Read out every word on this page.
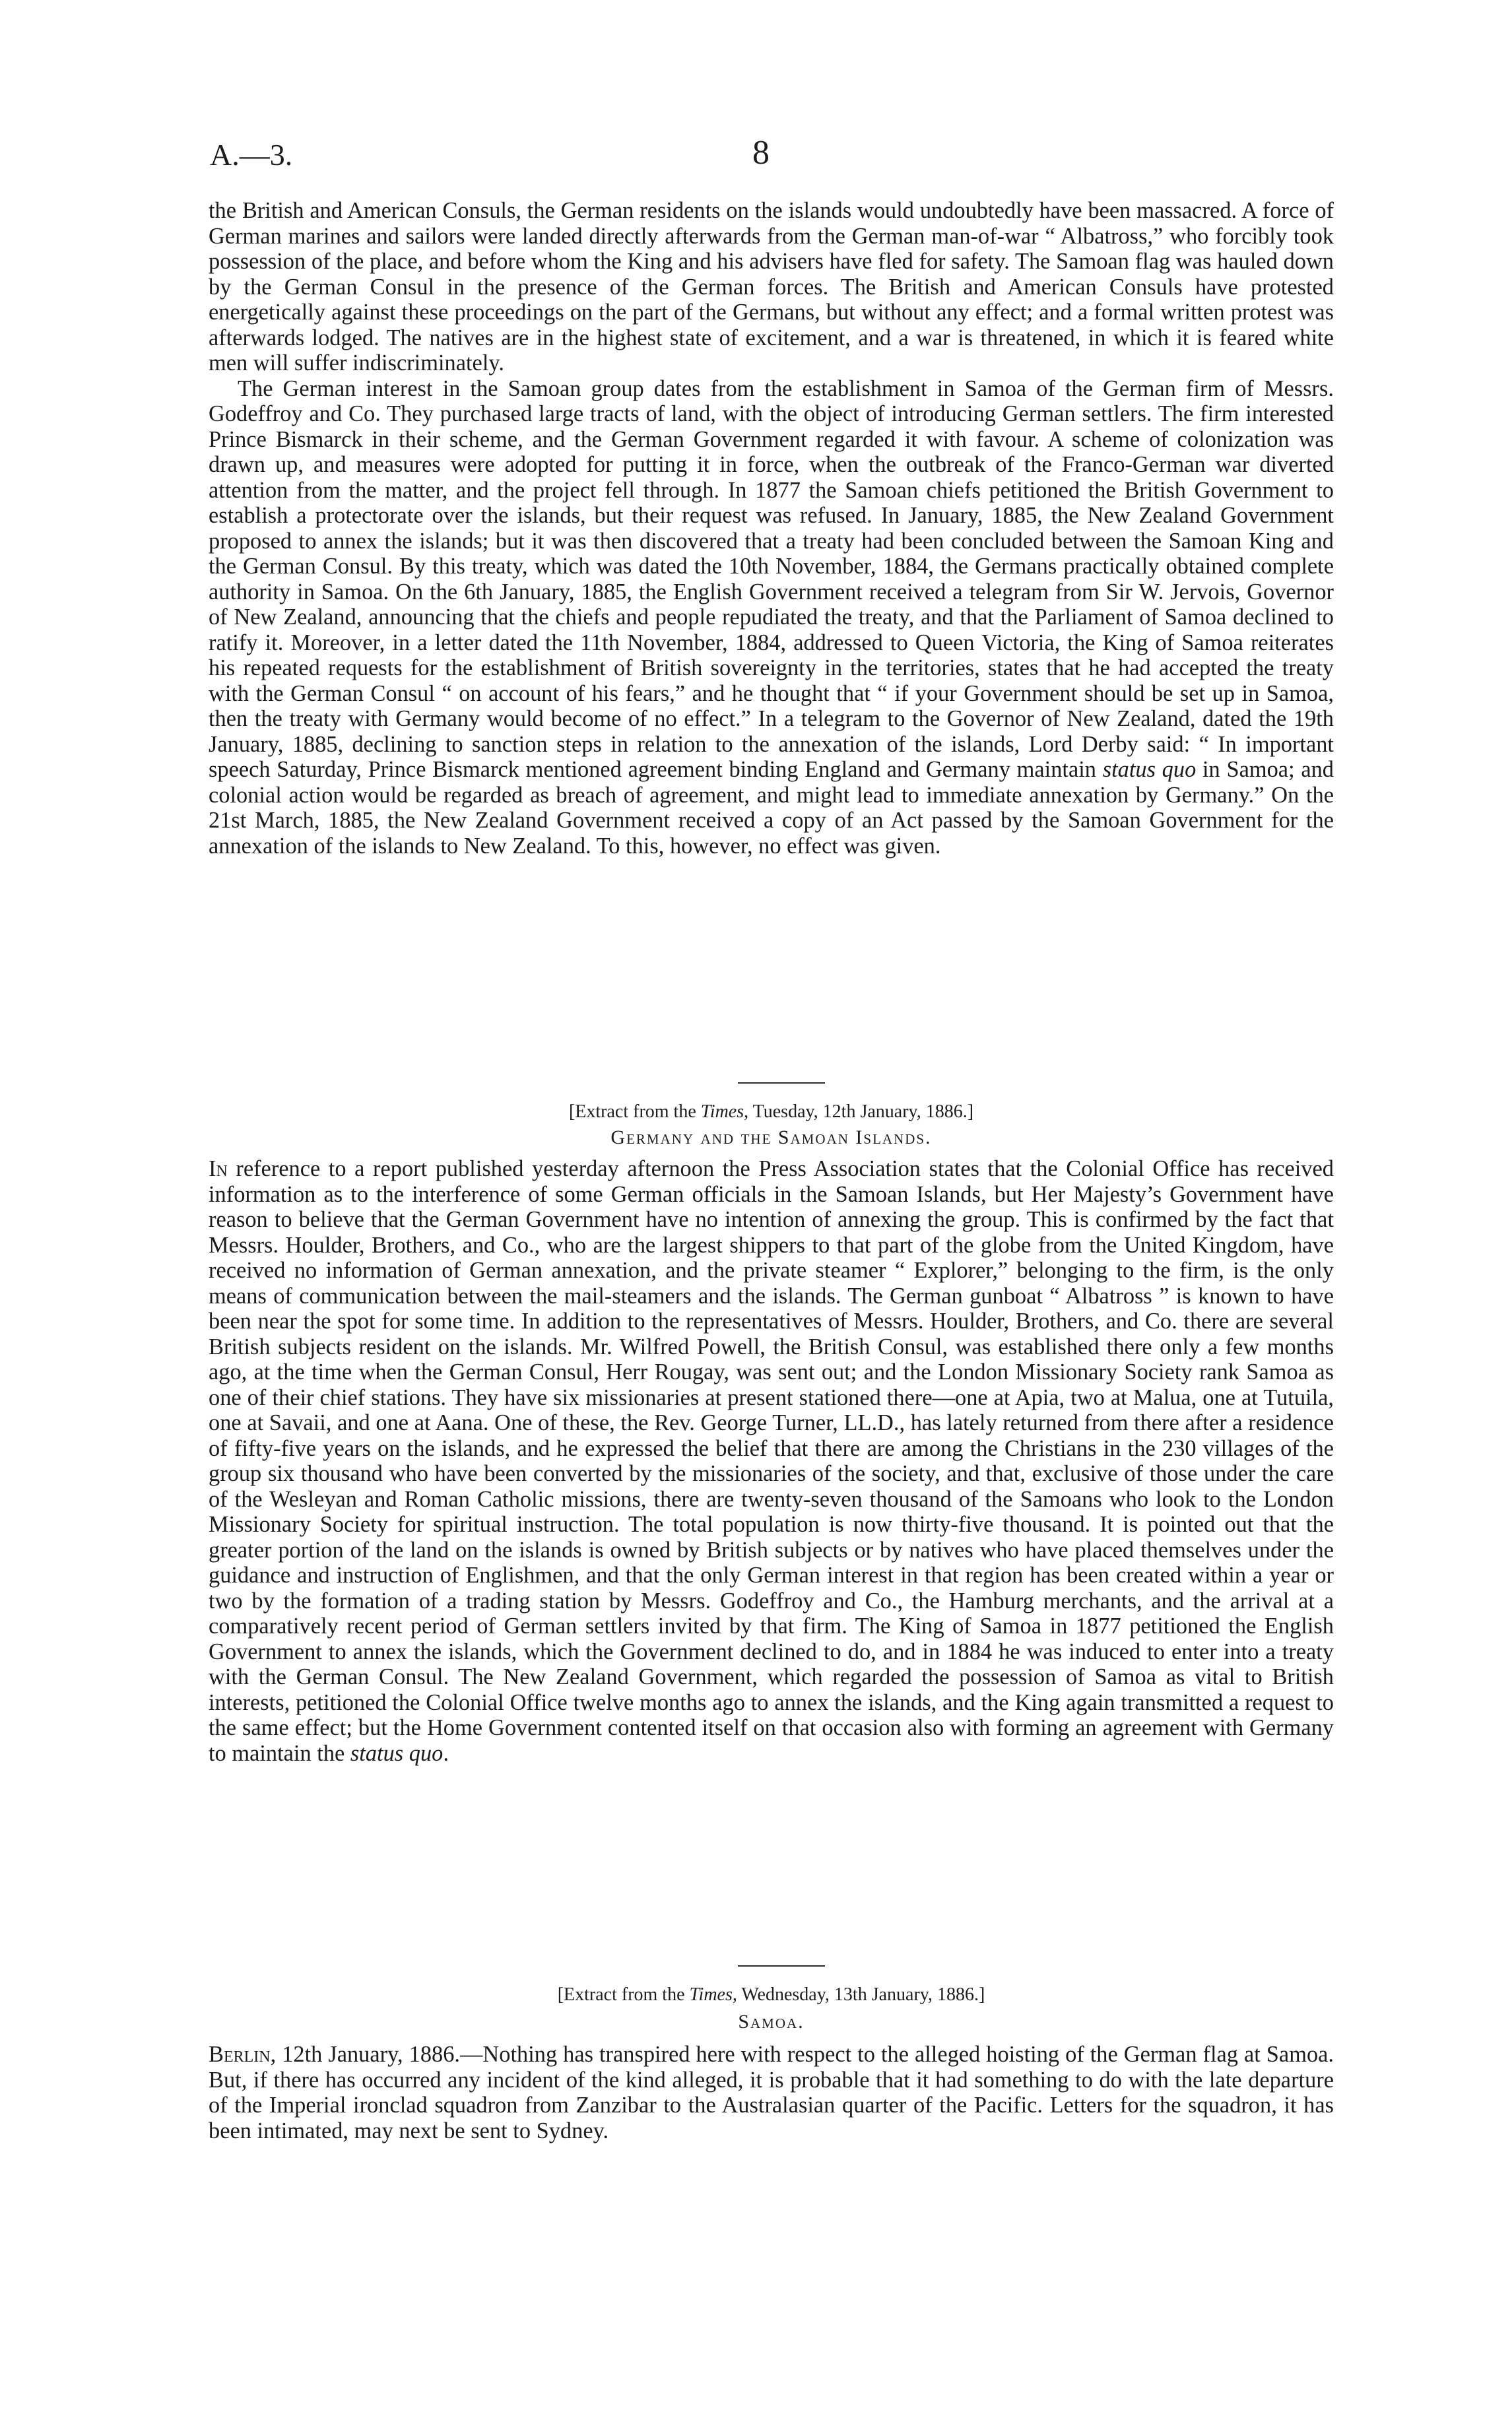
A.—3.	8

the British and American Consuls, the German residents on the islands would undoubtedly have been massacred. A force of German marines and sailors were landed directly afterwards from the German man-of-war “ Albatross,” who forcibly took possession of the place, and before whom the King and his advisers have fled for safety. The Samoan flag was hauled down by the German Consul in the presence of the German forces. The British and American Consuls have protested energetically against these proceedings on the part of the Germans, but without any effect; and a formal written protest was afterwards lodged. The natives are in the highest state of excitement, and a war is threatened, in which it is feared white men will suffer indiscriminately.

The German interest in the Samoan group dates from the establishment in Samoa of the German firm of Messrs. Godeffroy and Co. They purchased large tracts of land, with the object of introducing German settlers. The firm interested Prince Bismarck in their scheme, and the German Government regarded it with favour. A scheme of colonization was drawn up, and measures were adopted for putting it in force, when the outbreak of the Franco-German war diverted attention from the matter, and the project fell through. In 1877 the Samoan chiefs petitioned the British Government to establish a protectorate over the islands, but their request was refused. In January, 1885, the New Zealand Government proposed to annex the islands; but it was then discovered that a treaty had been concluded between the Samoan King and the German Consul. By this treaty, which was dated the 10th November, 1884, the Germans practically obtained complete authority in Samoa. On the 6th January, 1885, the English Government received a telegram from Sir W. Jervois, Governor of New Zealand, announcing that the chiefs and people repudiated the treaty, and that the Parliament of Samoa declined to ratify it. Moreover, in a letter dated the 11th November, 1884, addressed to Queen Victoria, the King of Samoa reiterates his repeated requests for the establishment of British sovereignty in the territories, states that he had accepted the treaty with the German Consul “ on account of his fears,” and he thought that “ if your Government should be set up in Samoa, then the treaty with Germany would become of no effect.” In a telegram to the Governor of New Zealand, dated the 19th January, 1885, declining to sanction steps in relation to the annexation of the islands, Lord Derby said: “ In important speech Saturday, Prince Bismarck mentioned agreement binding England and Germany maintain status quo in Samoa; and colonial action would be regarded as breach of agreement, and might lead to immediate annexation by Germany.” On the 21st March, 1885, the New Zealand Government received a copy of an Act passed by the Samoan Government for the annexation of the islands to New Zealand. To this, however, no effect was given.

[Extract from the Times, Tuesday, 12th January, 1886.]
Germany and the Samoan Islands.

In reference to a report published yesterday afternoon the Press Association states that the Colonial Office has received information as to the interference of some German officials in the Samoan Islands, but Her Majesty’s Government have reason to believe that the German Government have no intention of annexing the group. This is confirmed by the fact that Messrs. Houlder, Brothers, and Co., who are the largest shippers to that part of the globe from the United Kingdom, have received no information of German annexation, and the private steamer “ Explorer,” belonging to the firm, is the only means of communication between the mail-steamers and the islands. The German gunboat “ Albatross ” is known to have been near the spot for some time. In addition to the representatives of Messrs. Houlder, Brothers, and Co. there are several British subjects resident on the islands. Mr. Wilfred Powell, the British Consul, was established there only a few months ago, at the time when the German Consul, Herr Rougay, was sent out; and the London Missionary Society rank Samoa as one of their chief stations. They have six missionaries at present stationed there—one at Apia, two at Malua, one at Tutuila, one at Savaii, and one at Aana. One of these, the Rev. George Turner, LL.D., has lately returned from there after a residence of fifty-five years on the islands, and he expressed the belief that there are among the Christians in the 230 villages of the group six thousand who have been converted by the missionaries of the society, and that, exclusive of those under the care of the Wesleyan and Roman Catholic missions, there are twenty-seven thousand of the Samoans who look to the London Missionary Society for spiritual instruction. The total population is now thirty-five thousand. It is pointed out that the greater portion of the land on the islands is owned by British subjects or by natives who have placed themselves under the guidance and instruction of Englishmen, and that the only German interest in that region has been created within a year or two by the formation of a trading station by Messrs. Godeffroy and Co., the Hamburg merchants, and the arrival at a comparatively recent period of German settlers invited by that firm. The King of Samoa in 1877 petitioned the English Government to annex the islands, which the Government declined to do, and in 1884 he was induced to enter into a treaty with the German Consul. The New Zealand Government, which regarded the possession of Samoa as vital to British interests, petitioned the Colonial Office twelve months ago to annex the islands, and the King again transmitted a request to the same effect; but the Home Government contented itself on that occasion also with forming an agreement with Germany to maintain the status quo.

[Extract from the Times, Wednesday, 13th January, 1886.]
Samoa.

Berlin, 12th January, 1886.—Nothing has transpired here with respect to the alleged hoisting of the German flag at Samoa. But, if there has occurred any incident of the kind alleged, it is probable that it had something to do with the late departure of the Imperial ironclad squadron from Zanzibar to the Australasian quarter of the Pacific. Letters for the squadron, it has been intimated, may next be sent to Sydney.
